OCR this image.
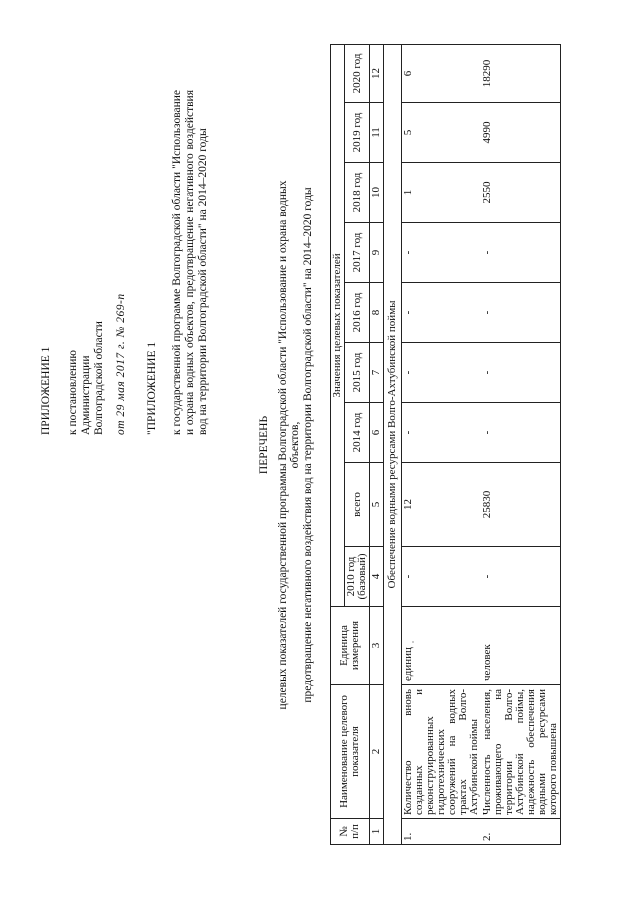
ПРИЛОЖЕНИЕ 1 к постановлению Администрации Волгоградской области от 29 мая 2017 г. № 269-п "ПРИЛОЖЕНИЕ 1 к государственной программе Волгоградской области "Использование и охрана водных объектов, предотвращение негативного воздействия вод на территории Волгоградской области" на 2014–2020 годы
ПЕРЕЧЕНЬ целевых показателей государственной программы Волгоградской области "Использование и охрана водных объектов, предотвращение негативного воздействия вод на территории Волгоградской области" на 2014–2020 годы
№ п/п	Наименование целевого показателя	Единица измерения	Значения целевых показателей								
			2010 год (базовый)	всего	2014 год	2015 год	2016 год	2017 год	2018 год	2019 год	2020 год
1	2	3	4	5	6	7	8	9	10	11	12
Обеспечение водными ресурсами Волго-Ахтубинской поймы											
1.	Количество вновь созданных и реконструированных гидротехнических сооружений на водных трактах Волго-Ахтубинской поймы	единиц	-	12	-	-	-	-	1	5	6
2.	Численность населения, проживающего на территории Волго-Ахтубинской поймы, надежность обеспечения водными ресурсами которого повышена	человек	-	25830	-	-	-	-	2550	4990	18290
